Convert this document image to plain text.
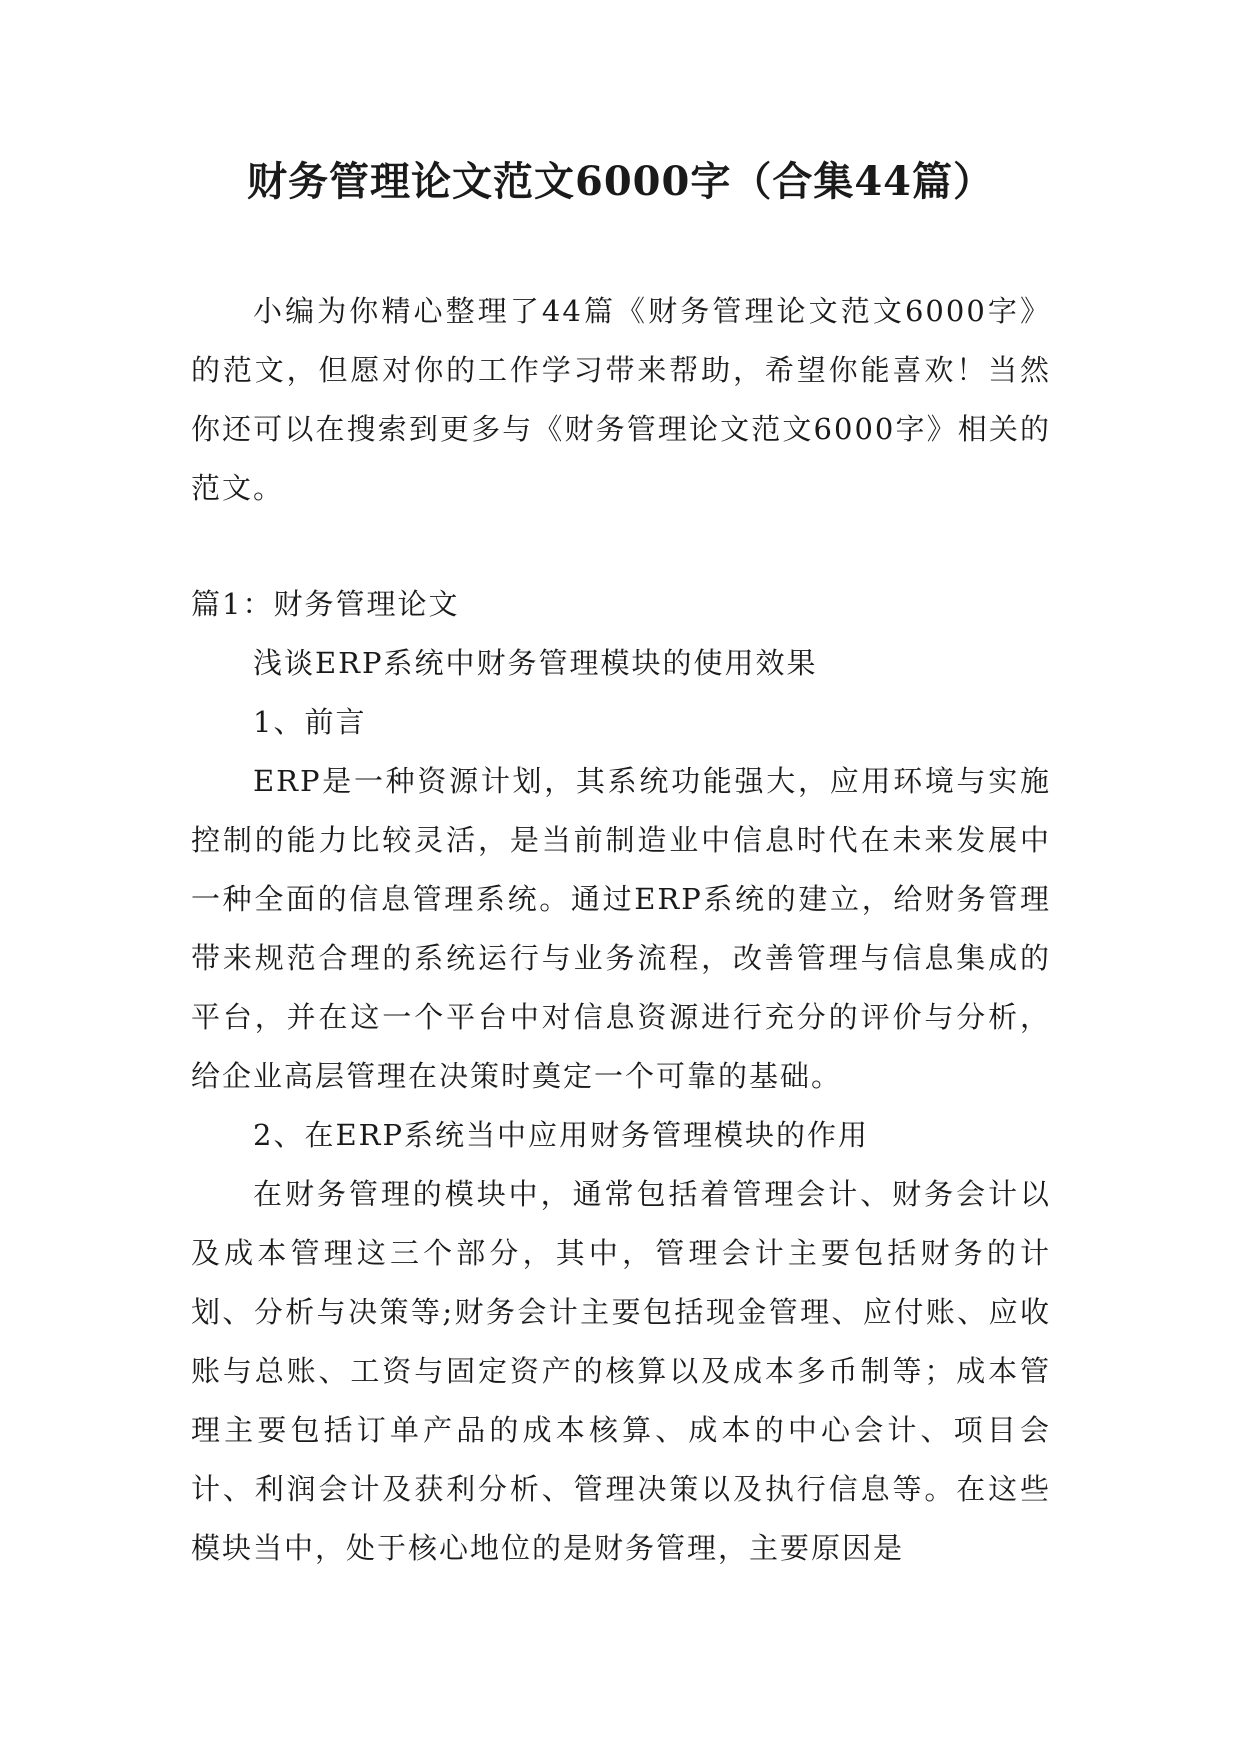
财务管理论文范文6000字（合集44篇）

小编为你精心整理了44篇《财务管理论文范文6000字》的范文，但愿对你的工作学习带来帮助，希望你能喜欢！当然你还可以在搜索到更多与《财务管理论文范文6000字》相关的范文。

篇1：财务管理论文

浅谈ERP系统中财务管理模块的使用效果

1、前言

ERP是一种资源计划，其系统功能强大，应用环境与实施控制的能力比较灵活，是当前制造业中信息时代在未来发展中一种全面的信息管理系统。通过ERP系统的建立，给财务管理带来规范合理的系统运行与业务流程，改善管理与信息集成的平台，并在这一个平台中对信息资源进行充分的评价与分析，给企业高层管理在决策时奠定一个可靠的基础。

2、在ERP系统当中应用财务管理模块的作用

在财务管理的模块中，通常包括着管理会计、财务会计以及成本管理这三个部分，其中，管理会计主要包括财务的计划、分析与决策等;财务会计主要包括现金管理、应付账、应收账与总账、工资与固定资产的核算以及成本多币制等；成本管理主要包括订单产品的成本核算、成本的中心会计、项目会计、利润会计及获利分析、管理决策以及执行信息等。在这些模块当中，处于核心地位的是财务管理，主要原因是
